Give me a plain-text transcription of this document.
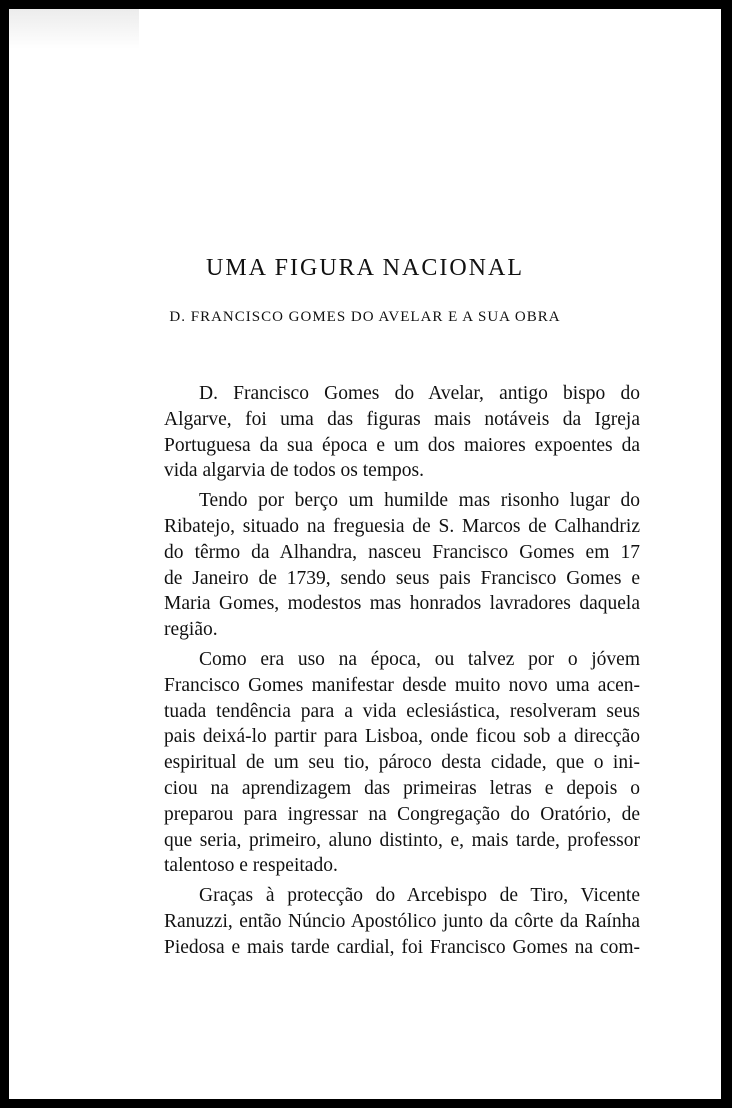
UMA FIGURA NACIONAL
D. FRANCISCO GOMES DO AVELAR E A SUA OBRA

D. Francisco Gomes do Avelar, antigo bispo do
Algarve, foi uma das figuras mais notáveis da Igreja
Portuguesa da sua época e um dos maiores expoentes da
vida algarvia de todos os tempos.

Tendo por berço um humilde mas risonho lugar do
Ribatejo, situado na freguesia de S. Marcos de Calhandriz
do têrmo da Alhandra, nasceu Francisco Gomes em 17
de Janeiro de 1739, sendo seus pais Francisco Gomes e
Maria Gomes, modestos mas honrados lavradores daquela
região.

Como era uso na época, ou talvez por o jóvem
Francisco Gomes manifestar desde muito novo uma acen-
tuada tendência para a vida eclesiástica, resolveram seus
pais deixá-lo partir para Lisboa, onde ficou sob a direcção
espiritual de um seu tio, pároco desta cidade, que o ini-
ciou na aprendizagem das primeiras letras e depois o
preparou para ingressar na Congregação do Oratório, de
que seria, primeiro, aluno distinto, e, mais tarde, professor
talentoso e respeitado.

Graças à protecção do Arcebispo de Tiro, Vicente
Ranuzzi, então Núncio Apostólico junto da côrte da Raínha
Piedosa e mais tarde cardial, foi Francisco Gomes na com-
